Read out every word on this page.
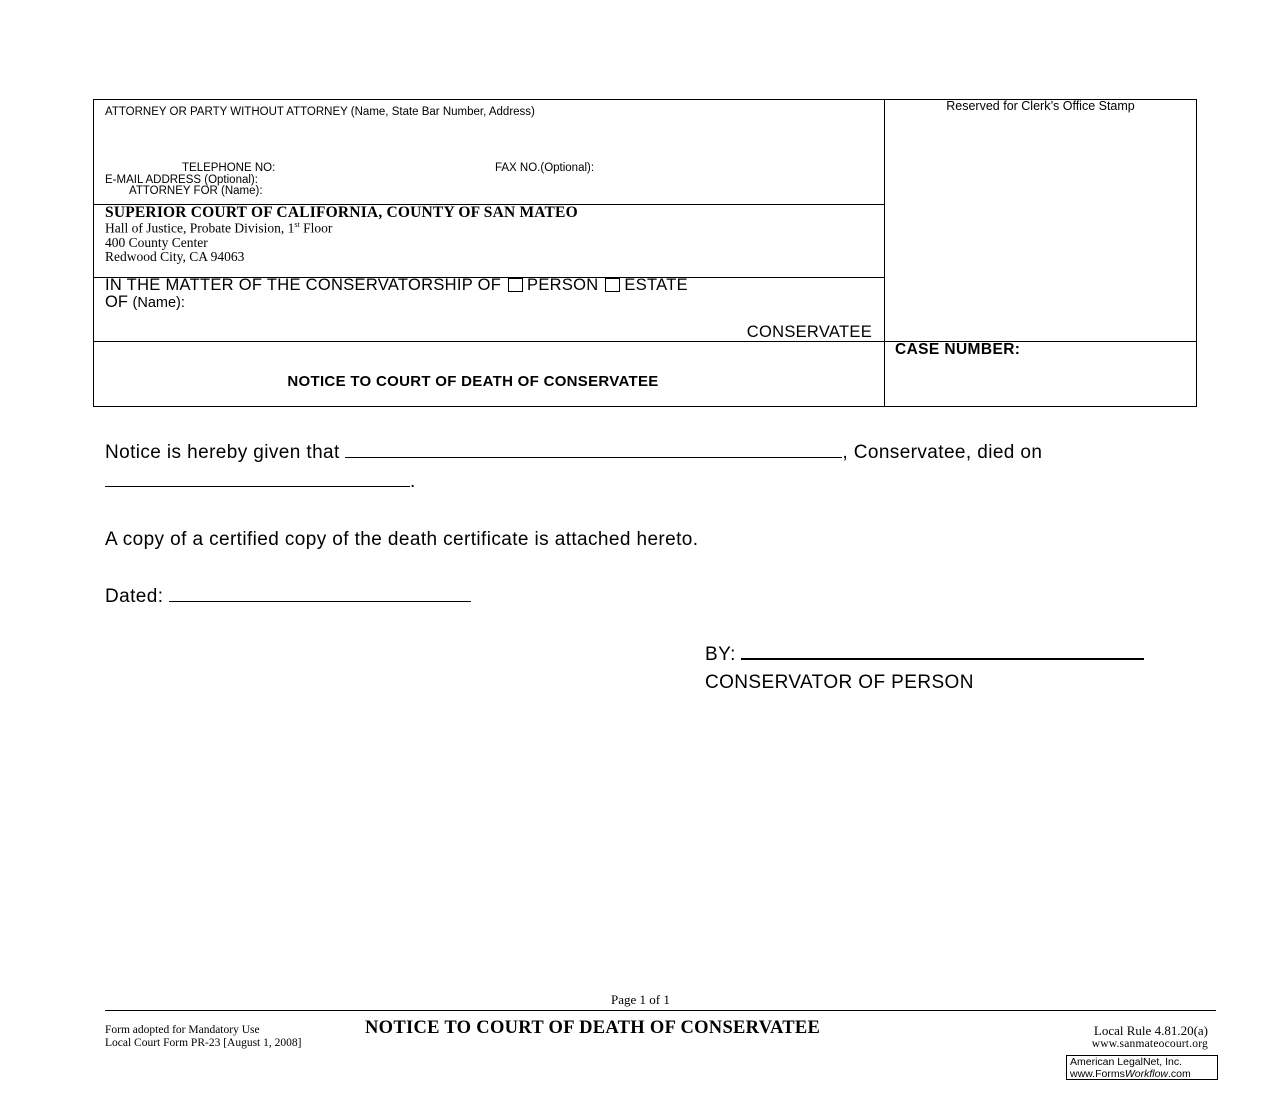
ATTORNEY OR PARTY WITHOUT ATTORNEY (Name, State Bar Number, Address)
TELEPHONE NO:	FAX NO.(Optional):
E-MAIL ADDRESS (Optional):
ATTORNEY FOR (Name):
Reserved for Clerk’s Office Stamp
SUPERIOR COURT OF CALIFORNIA, COUNTY OF SAN MATEO
Hall of Justice, Probate Division, 1st Floor
400 County Center
Redwood City, CA 94063
IN THE MATTER OF THE CONSERVATORSHIP OF PERSON ESTATE
OF (Name):
CONSERVATEE
CASE NUMBER:
NOTICE TO COURT OF DEATH OF CONSERVATEE
Notice is hereby given that	, Conservatee, died on
.
A copy of a certified copy of the death certificate is attached hereto.
Dated:
BY:
CONSERVATOR OF PERSON
Page 1 of 1
Form adopted for Mandatory Use
Local Court Form PR-23 [August 1, 2008]
NOTICE TO COURT OF DEATH OF CONSERVATEE	Local Rule 4.81.20(a)
www.sanmateocourt.org
American LegalNet, Inc.
www.FormsWorkflow.com
